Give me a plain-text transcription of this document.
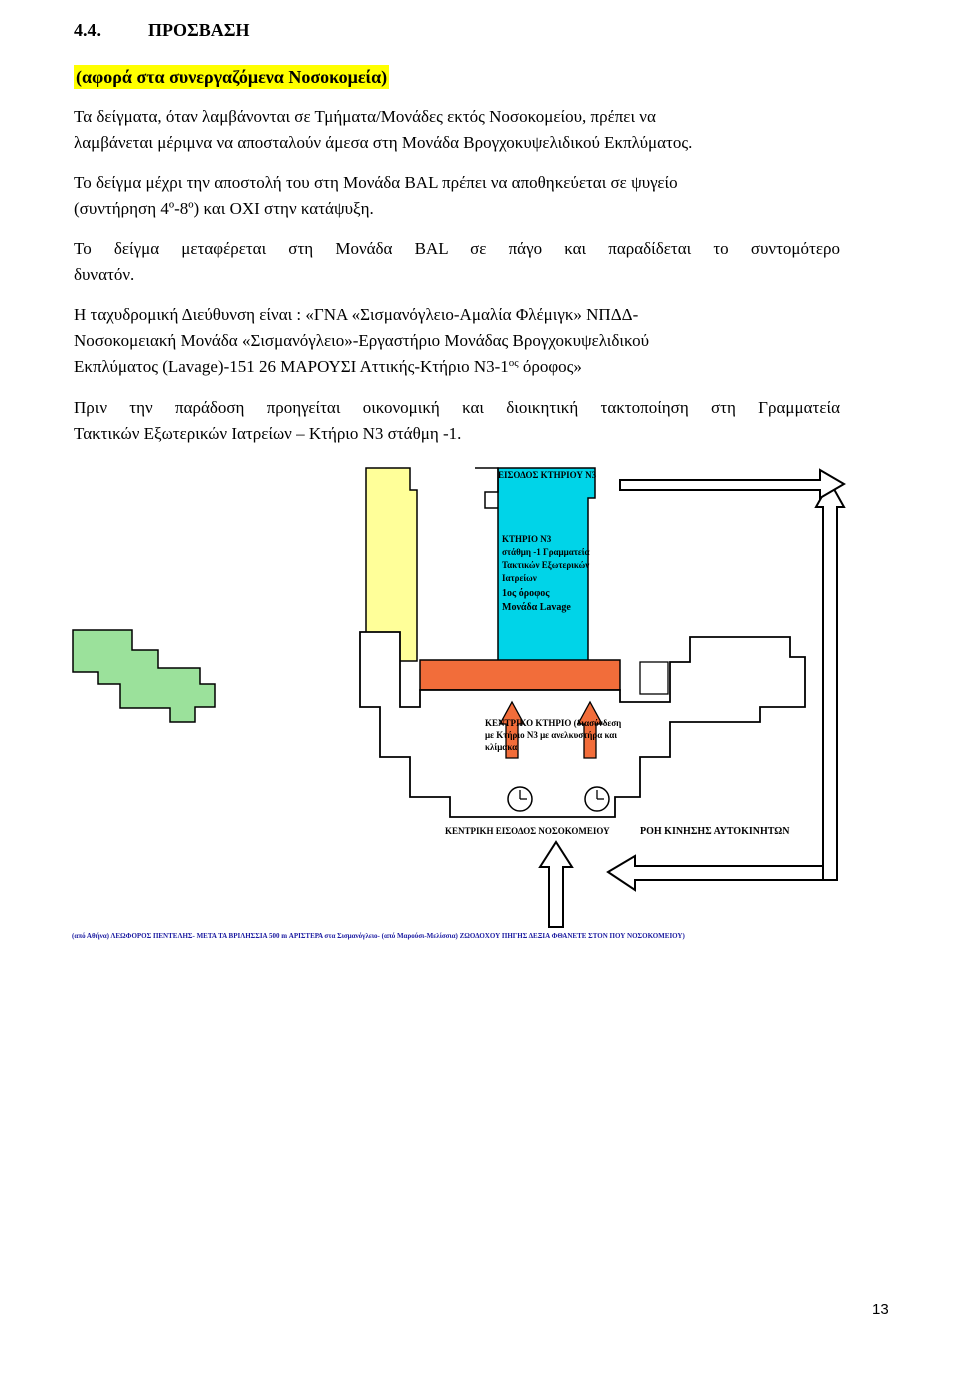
4.4.	ΠΡΟΣΒΑΣΗ
(αφορά στα συνεργαζόμενα Νοσοκομεία)
Τα δείγματα, όταν λαμβάνονται σε Τμήματα/Μονάδες εκτός Νοσοκομείου, πρέπει να
λαμβάνεται μέριμνα να αποσταλούν άμεσα στη Μονάδα Βρογχοκυψελιδικού Εκπλύματος.
Το δείγμα μέχρι την αποστολή του στη Μονάδα BAL πρέπει να αποθηκεύεται σε ψυγείο
(συντήρηση 4º-8º) και ΟΧΙ στην κατάψυξη.
Το δείγμα μεταφέρεται στη Μονάδα BAL σε πάγο και παραδίδεται το συντομότερο
δυνατόν.
Η ταχυδρομική Διεύθυνση είναι : «ΓΝΑ «Σισμανόγλειο-Αμαλία Φλέμιγκ» ΝΠΔΔ-
Νοσοκομειακή Μονάδα «Σισμανόγλειο»-Εργαστήριο Μονάδας Βρογχοκυψελιδικού
Εκπλύματος (Lavage)-151 26 ΜΑΡΟΥΣΙ Αττικής-Κτήριο $N3-1^{o\varsigma}$ όροφος»
Πριν την παράδοση προηγείται οικονομική και διοικητική τακτοποίηση στη Γραμματεία
Τακτικών Εξωτερικών Ιατρείων – Κτήριο Ν3 στάθμη -1.
ΕΙΣΟΔΟΣ ΚΤΗΡΙΟΥ Ν3
ΚΤΗΡΙΟ Ν3
στάθμη -1 Γραμματεία
Τακτικών Εξωτερικών
Ιατρείων
1ος όροφος
Μονάδα Lavage
ΚΕΝΤΡΙΚΟ ΚΤΗΡΙΟ (διασύνδεση
με Κτήριο Ν3 με ανελκυστήρα και
κλίμακα
ΚΕΝΤΡΙΚΗ ΕΙΣΟΔΟΣ ΝΟΣΟΚΟΜΕΙΟΥ	ΡΟΗ ΚΙΝΗΣΗΣ ΑΥΤΟΚΙΝΗΤΩΝ
(από Αθήνα) ΛΕΩΦΟΡΟΣ ΠΕΝΤΕΛΗΣ- ΜΕΤΑ ΤΑ ΒΡΙΛΗΣΣΙΑ 500 m ΑΡΙΣΤΕΡΑ στα Σισμανόγλειο- (από Μαρούσι-Μελίσσια) ΖΩΟΔΟΧΟΥ ΠΗΓΗΣ ΔΕΞΙΑ ΦΘΑΝΕΤΕ ΣΤΟΝ ΠΟΥ ΝΟΣΟΚΟΜΕΙΟΥ)
13
